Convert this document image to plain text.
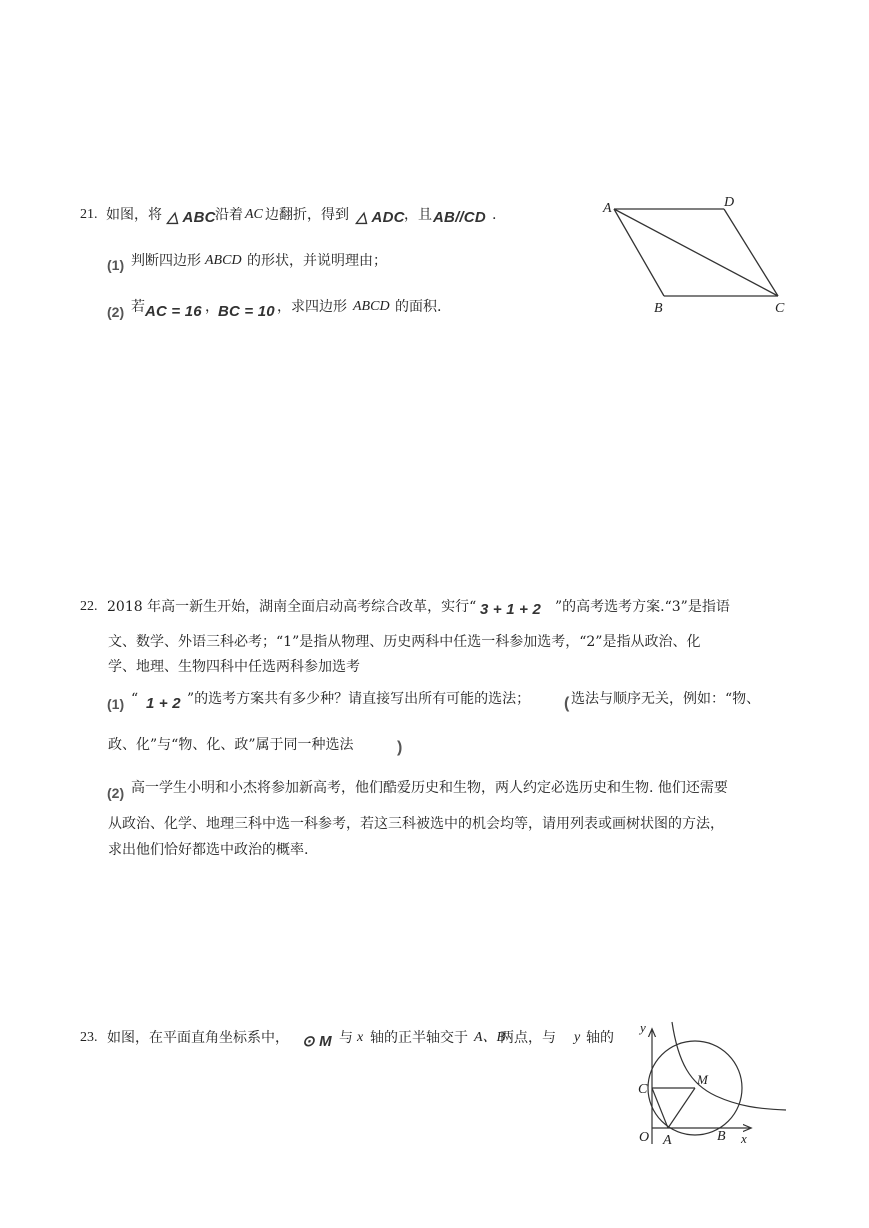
21. 如图，将 △ ABC 沿着 AC 边翻折，得到 △ ADC ，且 AB//CD .
(1) 判断四边形 ABCD 的形状，并说明理由；
(2) 若 AC = 16 ， BC = 10 ，求四边形 ABCD 的面积.
A	D
B	C
22. 2018 年高一新生开始，湖南全面启动高考综合改革，实行“ 3 + 1 + 2 ”的高考选考方案.“3”是指语
文、数学、外语三科必考；“1”是指从物理、历史两科中任选一科参加选考，“2”是指从政治、化
学、地理、生物四科中任选两科参加选考
(1) “ 1 + 2 ”的选考方案共有多少种？请直接写出所有可能的选法； ( 选法与顺序无关，例如：“物、
政、化”与“物、化、政”属于同一种选法	)
(2) 高一学生小明和小杰将参加新高考，他们酷爱历史和生物，两人约定必选历史和生物. 他们还需要
从政治、化学、地理三科中选一科参考，若这三科被选中的机会均等，请用列表或画树状图的方法，
求出他们恰好都选中政治的概率.
23. 如图，在平面直角坐标系中， ⊙ M 与 x 轴的正半轴交于 A、B
两点，与 y 轴的
y
x
C
M
O A	B
